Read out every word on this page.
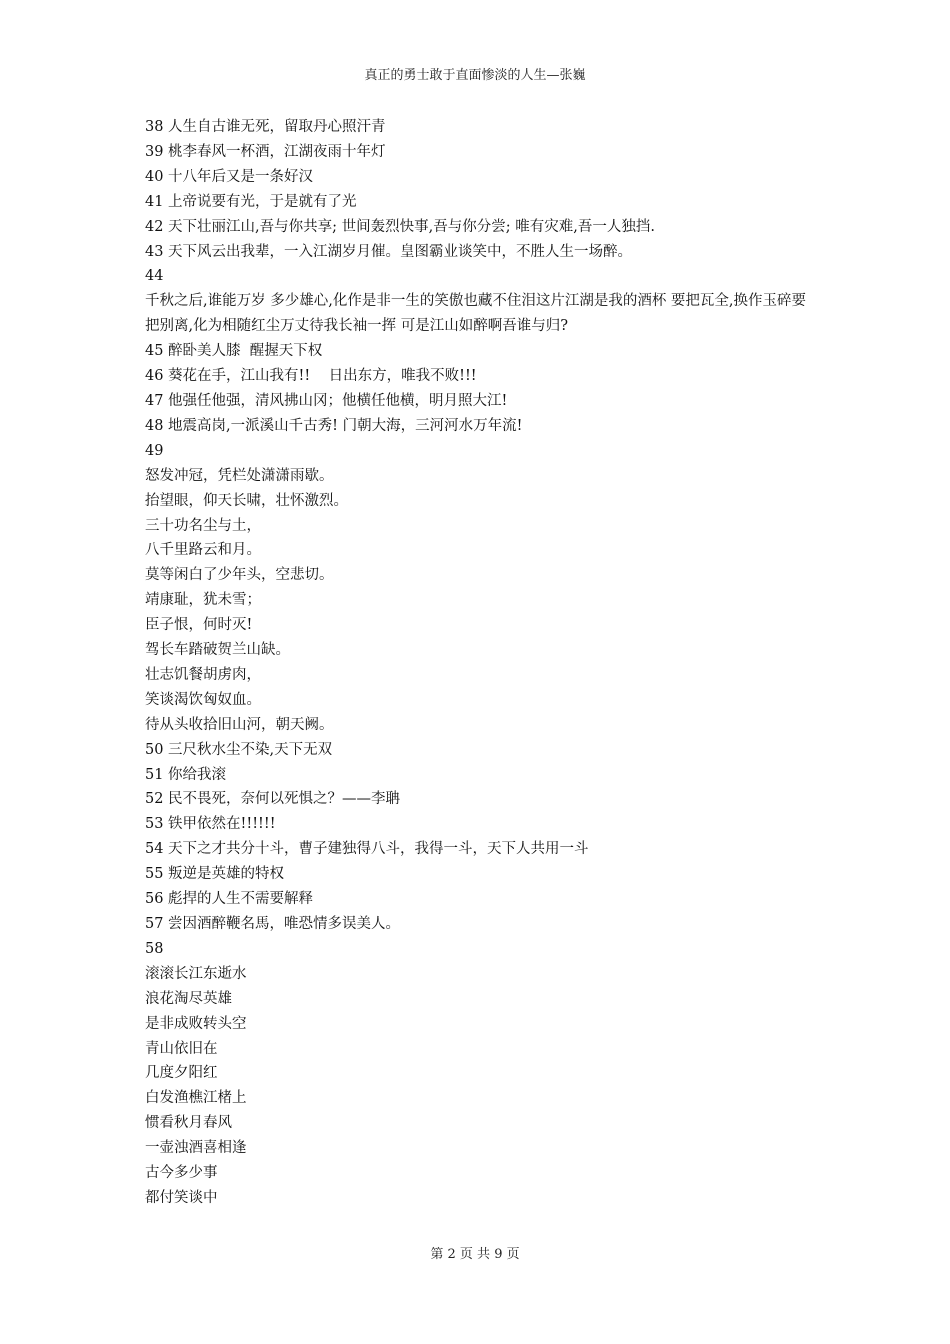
真正的勇士敢于直面惨淡的人生—张巍

38 人生自古谁无死，留取丹心照汗青

39 桃李春风一杯酒，江湖夜雨十年灯

40 十八年后又是一条好汉

41 上帝说要有光，于是就有了光

42 天下壮丽江山,吾与你共享; 世间轰烈快事,吾与你分尝; 唯有灾难,吾一人独挡.

43 天下风云出我辈，一入江湖岁月催。皇图霸业谈笑中，不胜人生一场醉。

44

千秋之后,谁能万岁 多少雄心,化作是非一生的笑傲也藏不住泪这片江湖是我的酒杯 要把瓦全,换作玉碎要把别离,化为相随红尘万丈待我长袖一挥 可是江山如醉啊吾谁与归?

45 醉卧美人膝  醒握天下权

46 葵花在手，江山我有!!    日出东方，唯我不败!!!

47 他强任他强，清风拂山冈；他横任他横，明月照大江!

48 地震高岗,一派溪山千古秀! 门朝大海，三河河水万年流!

49

怒发冲冠，凭栏处潇潇雨歇。

抬望眼，仰天长啸，壮怀激烈。

三十功名尘与土，

八千里路云和月。

莫等闲白了少年头，空悲切。

靖康耻，犹未雪；

臣子恨，何时灭!

驾长车踏破贺兰山缺。

壮志饥餐胡虏肉，

笑谈渴饮匈奴血。

待从头收拾旧山河，朝天阙。

50 三尺秋水尘不染,天下无双

51 你给我滚

52 民不畏死，奈何以死惧之？——李聃

53 铁甲依然在!!!!!!

54 天下之才共分十斗，曹子建独得八斗，我得一斗，天下人共用一斗

55 叛逆是英雄的特权

56 彪捍的人生不需要解释

57 尝因酒醉鞭名馬，唯恐情多误美人。

58

滚滚长江东逝水

浪花淘尽英雄

是非成败转头空

青山依旧在

几度夕阳红

白发渔樵江楮上

惯看秋月春风

一壶浊酒喜相逢

古今多少事

都付笑谈中

第 2 页 共 9 页
